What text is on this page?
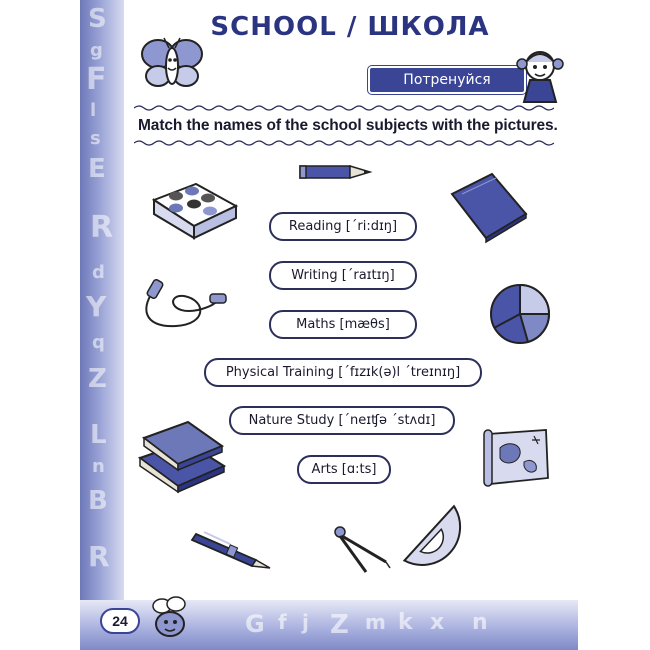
S
g
F
l
s
E
R
d
Y
q
Z
L
n
B
R
G f j Z m k x n
SCHOOL / ШКОЛА
Потренуйся
Match the names of the school subjects with the pictures.
Reading [´ri:dɪŋ]
Writing [´raɪtɪŋ]
Maths [mæθs]
Physical Training [´fɪzɪk(ə)l ´treɪnɪŋ]
Nature Study [´neɪʧə ´stʌdɪ]
Arts [ɑ:ts]
24
